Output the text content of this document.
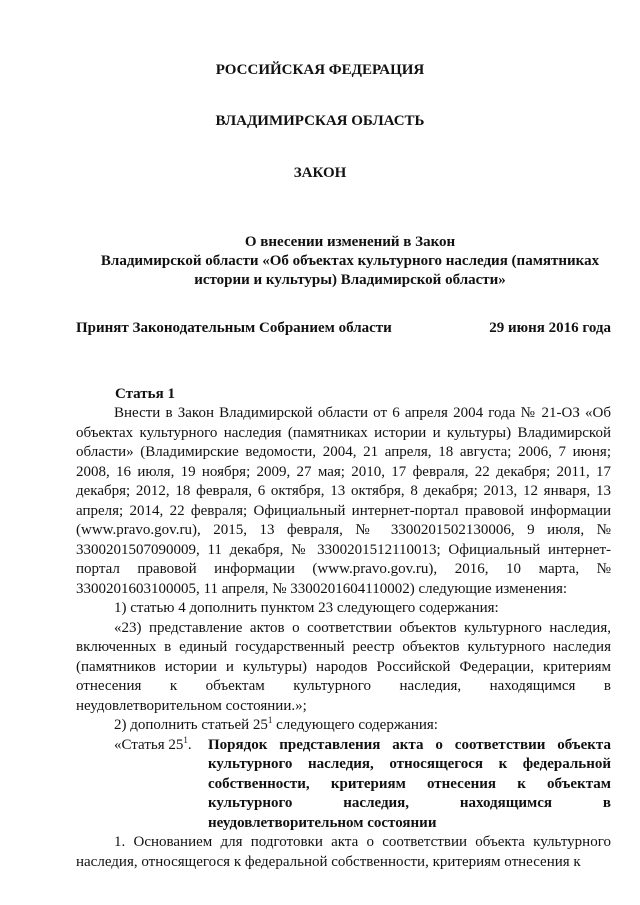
РОССИЙСКАЯ ФЕДЕРАЦИЯ
ВЛАДИМИРСКАЯ ОБЛАСТЬ
ЗАКОН
О внесении изменений в Закон
Владимирской области «Об объектах культурного наследия (памятниках
истории и культуры) Владимирской области»
Принят Законодательным Собранием области	29 июня 2016 года
Статья 1

Внести в Закон Владимирской области от 6 апреля 2004 года № 21-ОЗ «Об объектах культурного наследия (памятниках истории и культуры) Владимирской области» (Владимирские ведомости, 2004, 21 апреля, 18 августа; 2006, 7 июня; 2008, 16 июля, 19 ноября; 2009, 27 мая; 2010, 17 февраля, 22 декабря; 2011, 17 декабря; 2012, 18 февраля, 6 октября, 13 октября, 8 декабря; 2013, 12 января, 13 апреля; 2014, 22 февраля; Официальный интернет-портал правовой информации (www.pravo.gov.ru), 2015, 13 февраля, № 3300201502130006, 9 июля, № 3300201507090009, 11 декабря, № 3300201512110013; Официальный интернет-портал правовой информации (www.pravo.gov.ru), 2016, 10 марта, № 3300201603100005, 11 апреля, № 3300201604110002) следующие изменения:

1) статью 4 дополнить пунктом 23 следующего содержания:

«23) представление актов о соответствии объектов культурного наследия, включенных в единый государственный реестр объектов культурного наследия (памятников истории и культуры) народов Российской Федерации, критериям отнесения к объектам культурного наследия, находящимся в неудовлетворительном состоянии.»;

2) дополнить статьей $25^1$ следующего содержания:

«Статья $25^1$.	Порядок представления акта о соответствии объекта культурного наследия, относящегося к федеральной собственности, критериям отнесения к объектам культурного наследия, находящимся в неудовлетворительном состоянии

1. Основанием для подготовки акта о соответствии объекта культурного наследия, относящегося к федеральной собственности, критериям отнесения к
